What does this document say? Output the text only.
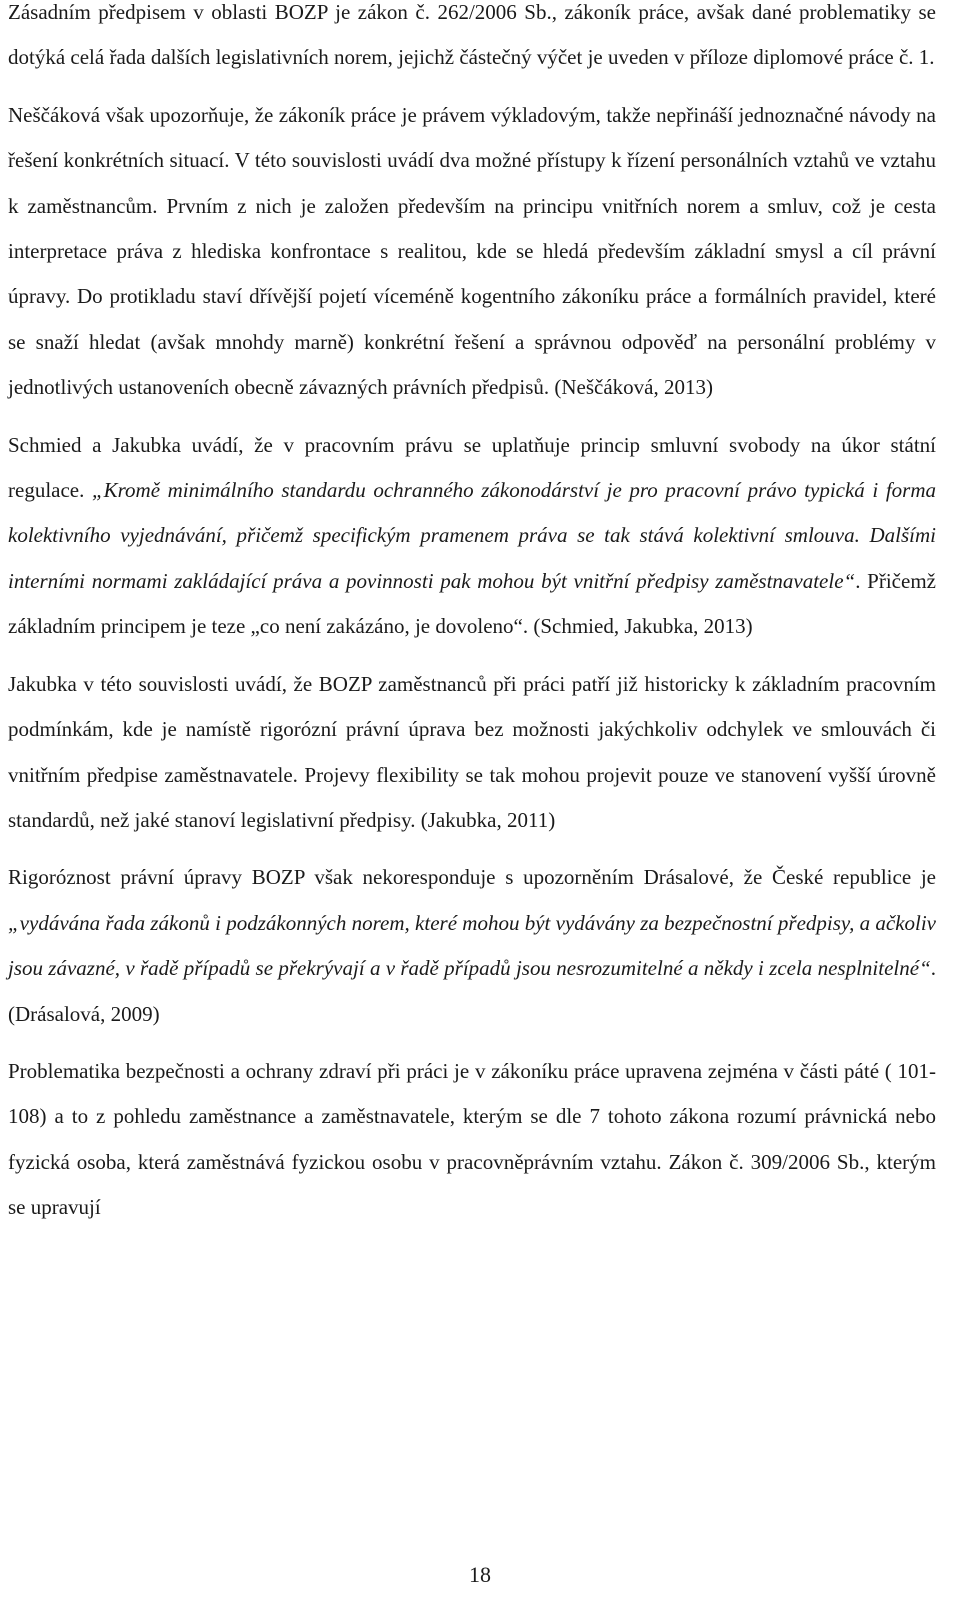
Zásadním předpisem v oblasti BOZP je zákon č. 262/2006 Sb., zákoník práce, avšak dané problematiky se dotýká celá řada dalších legislativních norem, jejichž částečný výčet je uveden v příloze diplomové práce č. 1.

Neščáková však upozorňuje, že zákoník práce je právem výkladovým, takže nepřináší jednoznačné návody na řešení konkrétních situací. V této souvislosti uvádí dva možné přístupy k řízení personálních vztahů ve vztahu k zaměstnancům. Prvním z nich je založen především na principu vnitřních norem a smluv, což je cesta interpretace práva z hlediska konfrontace s realitou, kde se hledá především základní smysl a cíl právní úpravy. Do protikladu staví dřívější pojetí víceméně kogentního zákoníku práce a formálních pravidel, které se snaží hledat (avšak mnohdy marně) konkrétní řešení a správnou odpověď na personální problémy v jednotlivých ustanoveních obecně závazných právních předpisů. (Neščáková, 2013)

Schmied a Jakubka uvádí, že v pracovním právu se uplatňuje princip smluvní svobody na úkor státní regulace. „Kromě minimálního standardu ochranného zákonodárství je pro pracovní právo typická i forma kolektivního vyjednávání, přičemž specifickým pramenem práva se tak stává kolektivní smlouva. Dalšími interními normami zakládající práva a povinnosti pak mohou být vnitřní předpisy zaměstnavatele“. Přičemž základním principem je teze „co není zakázáno, je dovoleno“. (Schmied, Jakubka, 2013)

Jakubka v této souvislosti uvádí, že BOZP zaměstnanců při práci patří již historicky k základním pracovním podmínkám, kde je namístě rigorózní právní úprava bez možnosti jakýchkoliv odchylek ve smlouvách či vnitřním předpise zaměstnavatele. Projevy flexibility se tak mohou projevit pouze ve stanovení vyšší úrovně standardů, než jaké stanoví legislativní předpisy. (Jakubka, 2011)

Rigoróznost právní úpravy BOZP však nekoresponduje s upozorněním Drásalové, že České republice je „vydávána řada zákonů i podzákonných norem, které mohou být vydávány za bezpečnostní předpisy, a ačkoliv jsou závazné, v řadě případů se překrývají a v řadě případů jsou nesrozumitelné a někdy i zcela nesplnitelné“. (Drásalová, 2009)

Problematika bezpečnosti a ochrany zdraví při práci je v zákoníku práce upravena zejména v části páté ( 101-108) a to z pohledu zaměstnance a zaměstnavatele, kterým se dle 7 tohoto zákona rozumí právnická nebo fyzická osoba, která zaměstnává fyzickou osobu v pracovněprávním vztahu. Zákon č. 309/2006 Sb., kterým se upravují

18
